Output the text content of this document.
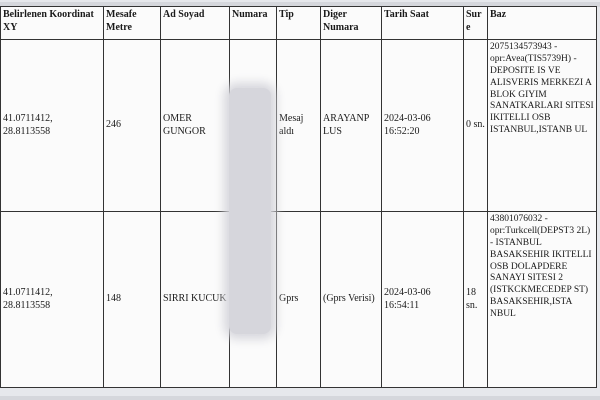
Belirlenen Koordinat XY	Mesafe Metre	Ad Soyad	Numara	Tip	Diger Numara	Tarih Saat	Sur e	Baz
41.0711412, 28.8113558	246	OMER GUNGOR		Mesaj aldı	ARAYANP LUS	2024-03-06 16:52:20	0 sn.	2075134573943 - opr:Avea(TIS5739H) - DEPOSITE IS VE ALISVERIS MERKEZI A BLOK GIYIM SANATKARLARI SITESI IKITELLI OSB ISTANBUL,ISTANB UL
41.0711412, 28.8113558	148	SIRRI KUCUK		Gprs	(Gprs Verisi)	2024-03-06 16:54:11	18 sn.	43801076032 - opr:Turkcell(DEPST3 2L) - ISTANBUL BASAKSEHIR IKITELLI OSB DOLAPDERE SANAYI SITESI 2 (ISTKCKMECEDEP ST) BASAKSEHIR,ISTA NBUL
